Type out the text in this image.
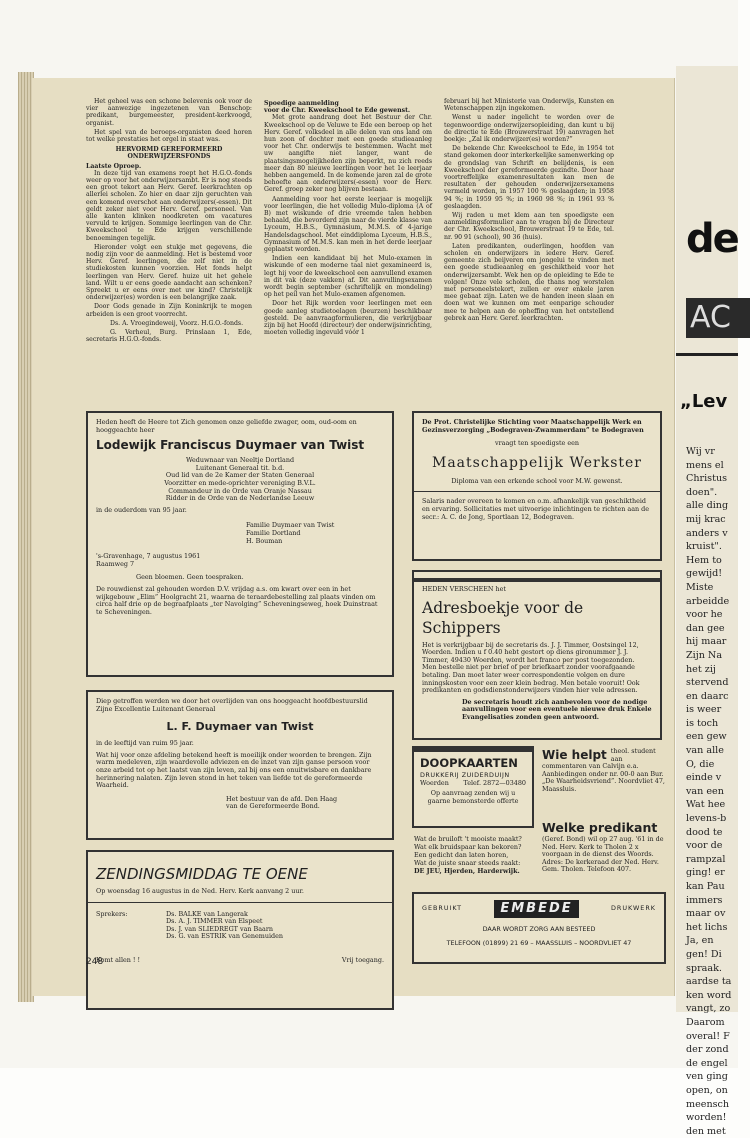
Het geheel was een schone belevenis ook voor de vier aanwezige ingezetenen van Benschop: predikant, burgemeester, president-kerkvoogd, organist.

Het spel van de beroeps-organisten deed horen tot welke prestaties het orgel in staat was.

HERVORMD GEREFORMEERD

ONDERWIJZERSFONDS

Laatste Oproep.

In deze tijd van examens roept het H.G.O.-fonds weer op voor het onderwijzersambt. Er is nog steeds een groot tekort aan Herv. Geref. leerkrachten op allerlei scholen. Zo hier en daar zijn geruchten van een komend overschot aan onderwijzers(-essen). Dit geldt zeker niet voor Herv. Geref. personeel. Van alle kanten klinken noodkreten om vacatures vervuld te krijgen. Sommige leerlingen van de Chr. Kweekschool te Ede krijgen verschillende benoemingen tegelijk.

Hieronder volgt een stukje met gegevens, die nodig zijn voor de aanmelding. Het is bestemd voor Herv. Geref. leerlingen, die zelf niet in de studiekosten kunnen voorzien. Het fonds helpt leerlingen van Herv. Geref. huize uit het gehele land. Wilt u er eens goede aandacht aan schenken? Spreekt u er eens over met uw kind? Christelijk onderwijzer(es) worden is een belangrijke zaak.

Door Gods genade in Zijn Koninkrijk te mogen arbeiden is een groot voorrecht.

Ds. A. Vroegindeweij, Voorz. H.G.O.-fonds.

G. Verheul, Burg. Prinslaan 1, Ede, secretaris H.G.O.-fonds.

Spoedige aanmelding

voor de Chr. Kweekschool te Ede gewenst.

Met grote aandrang doet het Bestuur der Chr. Kweekschool op de Veluwe te Ede een beroep op het Herv. Geref. volksdeel in alle delen van ons land om hun zoon of dochter met een goede studieaanleg voor het Chr. onderwijs te bestemmen. Wacht met uw aangifte niet langer, want de plaatsingsmogelijkheden zijn beperkt, nu zich reeds meer dan 80 nieuwe leerlingen voor het 1e leerjaar hebben aangemeld. In de komende jaren zal de grote behoefte aan onderwijzers(-essen) voor de Herv. Geref. groep zeker nog blijven bestaan.

Aanmelding voor het eerste leerjaar is mogelijk voor leerlingen, die het volledig Mulo-diploma (A of B) met wiskunde of drie vreemde talen hebben behaald, die bevorderd zijn naar de vierde klasse van Lyceum, H.B.S., Gymnasium, M.M.S. of 4-jarige Handelsdagschool. Met einddiploma Lyceum, H.B.S., Gymnasium of M.M.S. kan men in het derde leerjaar geplaatst worden.

Indien een kandidaat bij het Mulo-examen in wiskunde of een moderne taal niet gexamineerd is, legt hij voor de kweekschool een aanvullend examen in dit vak (deze vakken) af. Dit aanvullingsexamen wordt begin september (schriftelijk en mondeling) op het peil van het Mulo-examen afgenomen.

Door het Rijk worden voor leerlingen met een goede aanleg studietoelagen (beurzen) beschikbaar gesteld. De aanvraagformulieren, die verkrijgbaar zijn bij het Hoofd (directeur) der onderwijsinrichting, moeten volledig ingevuld vóór 1

februari bij het Ministerie van Onderwijs, Kunsten en Wetenschappen zijn ingekomen.

Wenst u nader ingelicht te worden over de tegenwoordige onderwijzersopleiding, dan kunt u bij de directie te Ede (Brouwerstraat 19) aanvragen het boekje: „Zal ik onderwijzer(es) worden?”

De bekende Chr. Kweekschool te Ede, in 1954 tot stand gekomen door interkerkelijke samenwerking op de grondslag van Schrift en belijdenis, is een Kweekschool der gereformeerde gezindte. Door haar voortreffelijke examenresultaten kan men de resultaten der gehouden onderwijzersexamens vermeld worden, in 1957 100 % geslaagden; in 1958 94 %; in 1959 95 %; in 1960 98 %; in 1961 93 % geslaagden.

Wij raden u met klem aan ten spoedigste een aanmeldingsformulier aan te vragen bij de Directeur der Chr. Kweekschool, Brouwerstraat 19 te Ede, tel. nr. 90 91 (school), 90 36 (huis).

Laten predikanten, ouderlingen, hoofden van scholen en onderwijzers in iedere Herv. Geref. gemeente zich beijveren om jongelui te vinden met een goede studieaanleg en geschiktheid voor het onderwijzersambt. Wek hen op de opleiding te Ede te volgen! Onze vele scholen, die thans nog worstelen met personeelstekort, zullen er over enkele jaren mee gebaat zijn. Laten we de handen ineen slaan en doen wat we kunnen om met eenparige schouder mee te helpen aan de opheffing van het ontstellend gebrek aan Herv. Geref. leerkrachten.

Heden heeft de Heere tot Zich genomen onze geliefde zwager, oom, oud-oom en hooggeachte heer
Lodewijk Franciscus Duymaer van Twist
Weduwnaar van Neeltje Dortland
Luitenant Generaal tit. b.d.
Oud lid van de 2e Kamer der Staten Generaal
Voorzitter en mede-oprichter vereniging B.V.L.
Commandeur in de Orde van Oranje Nassau
Ridder in de Orde van de Nederlandse Leeuw
in de ouderdom van 95 jaar.
Familie Duymaer van Twist
Familie Dortland
H. Bouman
's-Gravenhage, 7 augustus 1961
Raamweg 7
Geen bloemen. Geen toespraken.
De rouwdienst zal gehouden worden D.V. vrijdag a.s. om kwart over een in het wijkgebouw „Elim” Hoolgracht 21, waarna de teraardebestelling zal plaats vinden om circa half drie op de begraafplaats „ter Navolging” Scheveningseweg, hoek Duinstraat te Scheveningen.
Diep getroffen werden we door het overlijden van ons hooggeacht hoofdbestuurslid Zijne Excellentie Luitenant Generaal
L. F. Duymaer van Twist
in de leeftijd van ruim 95 jaar.
Wat hij voor onze afdeling betekend heeft is moeilijk onder woorden te brengen. Zijn warm medeleven, zijn waardevolle adviezen en de inzet van zijn ganse persoon voor onze arbeid tot op het laatst van zijn leven, zal bij ons een onuitwisbare en dankbare herinnering nalaten. Zijn leven stond in het teken van liefde tot de gereformeerde Waarheid.
Het bestuur van de afd. Den Haag
van de Gereformeerde Bond.
ZENDINGSMIDDAG TE OENE
Op woensdag 16 augustus in de Ned. Herv. Kerk aanvang 2 uur.
Sprekers:	Ds. BALKE van Langerak
Ds. A. J. TIMMER van Elspeet
Ds. J. van SLIEDREGT van Baarn
Ds. G. van ESTRIK van Genemuiden
Komt allen ! !	Vrij toegang.
De Prot. Christelijke Stichting voor Maatschappelijk Werk en Gezinsverzorging „Bodegraven-Zwammerdam” te Bodegraven
vraagt ten spoedigste een
Maatschappelijk Werkster
Diploma van een erkende school voor M.W. gewenst.
Salaris nader overeen te komen en o.m. afhankelijk van geschiktheid en ervaring. Sollicitaties met uitvoerige inlichtingen te richten aan de secr.: A. C. de Jong, Sportlaan 12, Bodegraven.
HEDEN VERSCHEEN het
Adresboekje voor de Schippers
Het is verkrijgbaar bij de secretaris ds. J. J. Timmer, Oostsingel 12, Woerden. Indien u f 0.40 hebt gestort op diens gironummer J. J. Timmer, 49430 Woerden, wordt het franco per post toegezonden.
Men bestelle niet per brief of per briefkaart zonder voorafgaande betaling. Dan moet later weer correspondentie volgen en dure inningskosten voor een zeer klein bedrag. Men betale vooruit! Ook predikanten en godsdienstonderwijzers vinden hier vele adressen.
De secretaris houdt zich aanbevolen voor de nodige aanvullingen voor een eventuele nieuwe druk Enkele Evangelisaties zonden geen antwoord.
DOOPKAARTEN
DRUKKERIJ ZUIDERDUIJN
Woerden Telef. 2872—03480
Op aanvraag zenden wij u gaarne bemonsterde offerte
Wie helpt theol. student aan commentaren van Calvijn e.a. Aanbiedingen onder nr. 00-0 aan Bur. „De Waarheidsvriend”. Noordvliet 47, Maassluis.
Wat de bruiloft 't mooiste maakt?
Wat elk bruidspaar kan bekoren?
Een gedicht dan laten horen,
Wat de juiste snaar steeds raakt:
DE JEU, Hjerden, Harderwijk.
Welke predikant
(Geref. Bond) wil op 27 aug. '61 in de Ned. Herv. Kerk te Tholen 2 x voorgaan in de dienst des Woords. Adres: De kerkeraad der Ned. Herv. Gem. Tholen. Telefoon 407.
GEBRUIKT	EMBEDE	DRUKWERK
DAAR WORDT ZORG AAN BESTEED
TELEFOON (01899) 21 69 – MAASSLUIS – NOORDVLIET 47
248
de
AC
„Lev
Wij vr
mens el
Christus
doen".
alle ding
mij krac
anders v
kruist".
Hem to
gewijd!
Miste
arbeidde
voor he
dan gee
hij maar
Zijn Na
het zij
stervend
en daarc
is weer
is toch
een gew
van alle
O, die
einde v
van een
Wat hee
levens-b
dood te
voor de
rampzal
ging! er
kan Pau
immers
maar ov
het lichs
Ja, en
gen! Di
spraak.
aardse ta
ken word
vangt, zo
Daarom
overal! F
der zond
de engel
ven ging
open, on
meensch
worden!
den met
